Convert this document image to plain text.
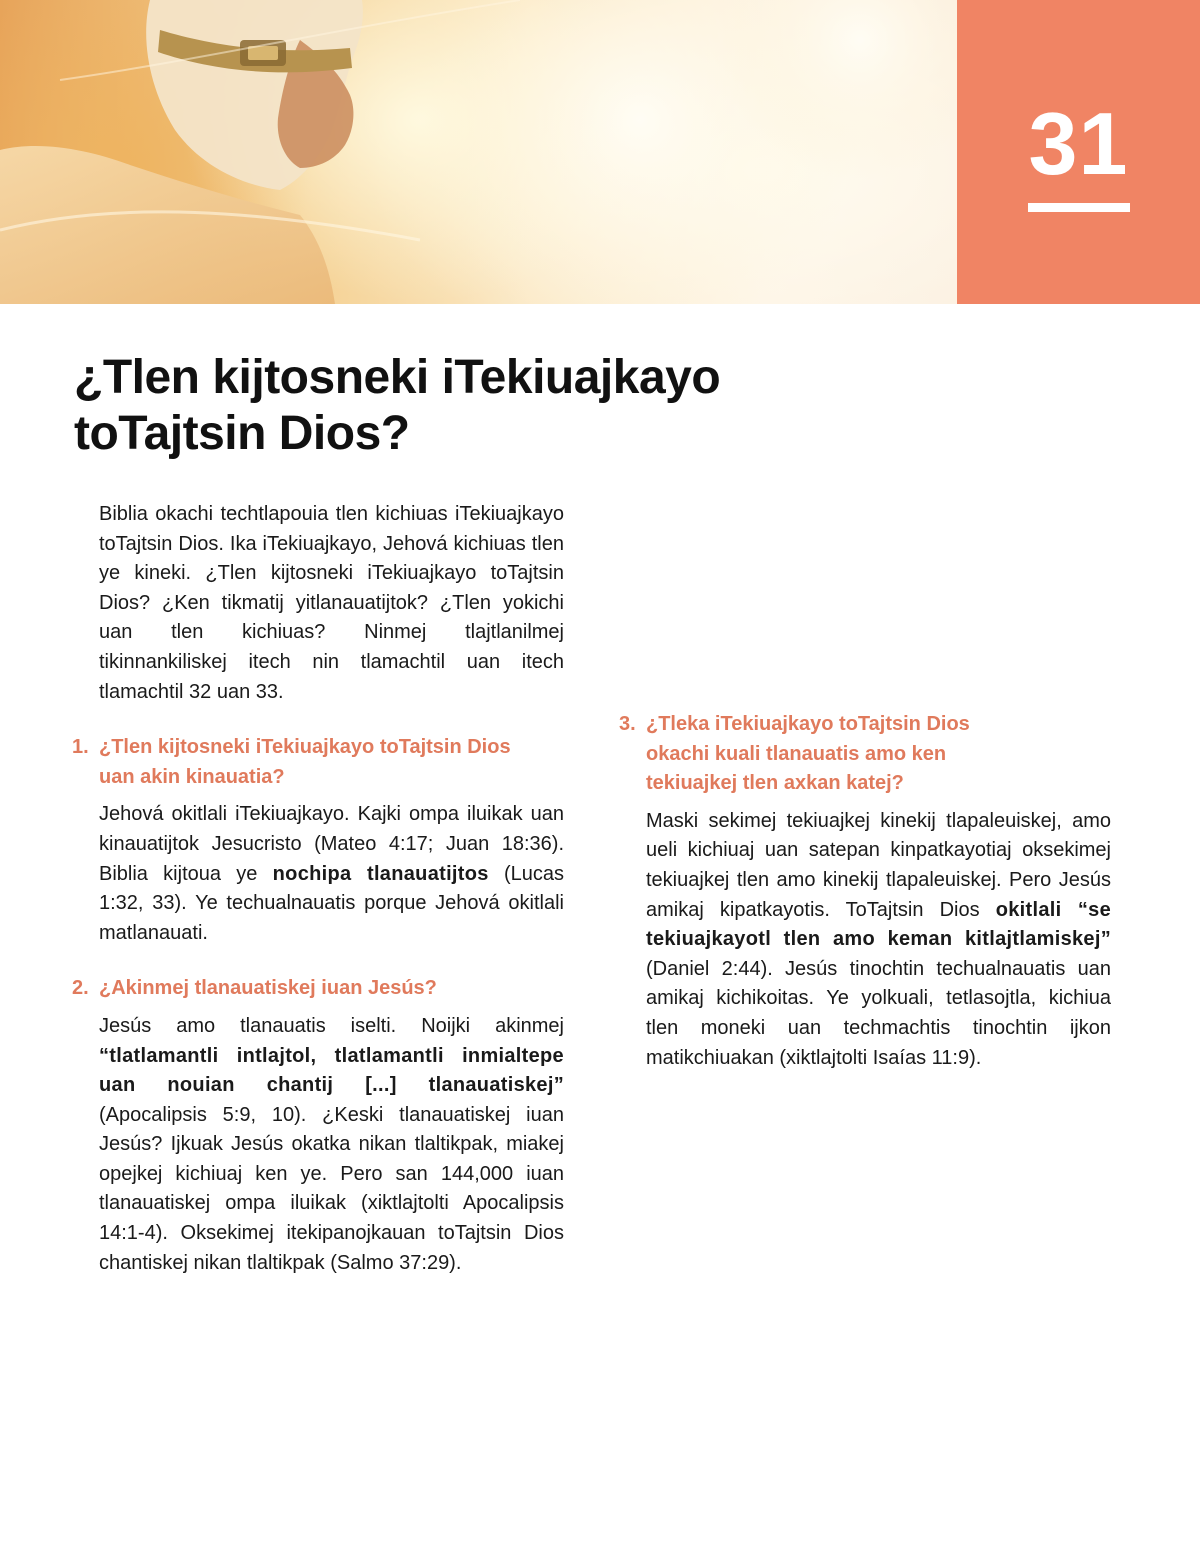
31
¿Tlen kijtosneki iTekiuajkayo
toTajtsin Dios?

Biblia okachi techtlapouia tlen kichiuas iTekiuajkayo toTajtsin Dios. Ika iTekiuajkayo, Jehová kichiuas tlen ye kineki. ¿Tlen kijtosneki iTekiuajkayo toTajtsin Dios? ¿Ken tikmatij yitlanauatijtok? ¿Tlen yokichi uan tlen kichiuas? Ninmej tlajtlanilmej tikinnankiliskej itech nin tlamachtil uan itech tlamachtil 32 uan 33.

1. ¿Tlen kijtosneki iTekiuajkayo toTajtsin Dios
uan akin kinauatia?

Jehová okitlali iTekiuajkayo. Kajki ompa iluikak uan kinauatijtok Jesucristo (Mateo 4:17; Juan 18:36). Biblia kijtoua ye nochipa tlanauatijtos (Lucas 1:32, 33). Ye techualnauatis porque Jehová okitlali matlanauati.

2. ¿Akinmej tlanauatiskej iuan Jesús?

Jesús amo tlanauatis iselti. Noijki akinmej “tlatlamantli intlajtol, tlatlamantli inmialtepe uan nouian chantij [...] tlanauatiskej” (Apocalipsis 5:9, 10). ¿Keski tlanauatiskej iuan Jesús? Ijkuak Jesús okatka nikan tlaltikpak, miakej opejkej kichiuaj ken ye. Pero san 144,000 iuan tlanauatiskej ompa iluikak (xiktlajtolti Apocalipsis 14:1-4). Oksekimej itekipanojkauan toTajtsin Dios chantiskej nikan tlaltikpak (Salmo 37:29).

3. ¿Tleka iTekiuajkayo toTajtsin Dios
okachi kuali tlanauatis amo ken
tekiuajkej tlen axkan katej?

Maski sekimej tekiuajkej kinekij tlapaleuiskej, amo ueli kichiuaj uan satepan kinpatkayotiaj oksekimej tekiuajkej tlen amo kinekij tlapaleuiskej. Pero Jesús amikaj kipatkayotis. ToTajtsin Dios okitlali “se tekiuajkayotl tlen amo keman kitlajtlamiskej” (Daniel 2:44). Jesús tinochtin techualnauatis uan amikaj kichikoitas. Ye yolkuali, tetlasojtla, kichiua tlen moneki uan techmachtis tinochtin ijkon matikchiuakan (xiktlajtolti Isaías 11:9).
